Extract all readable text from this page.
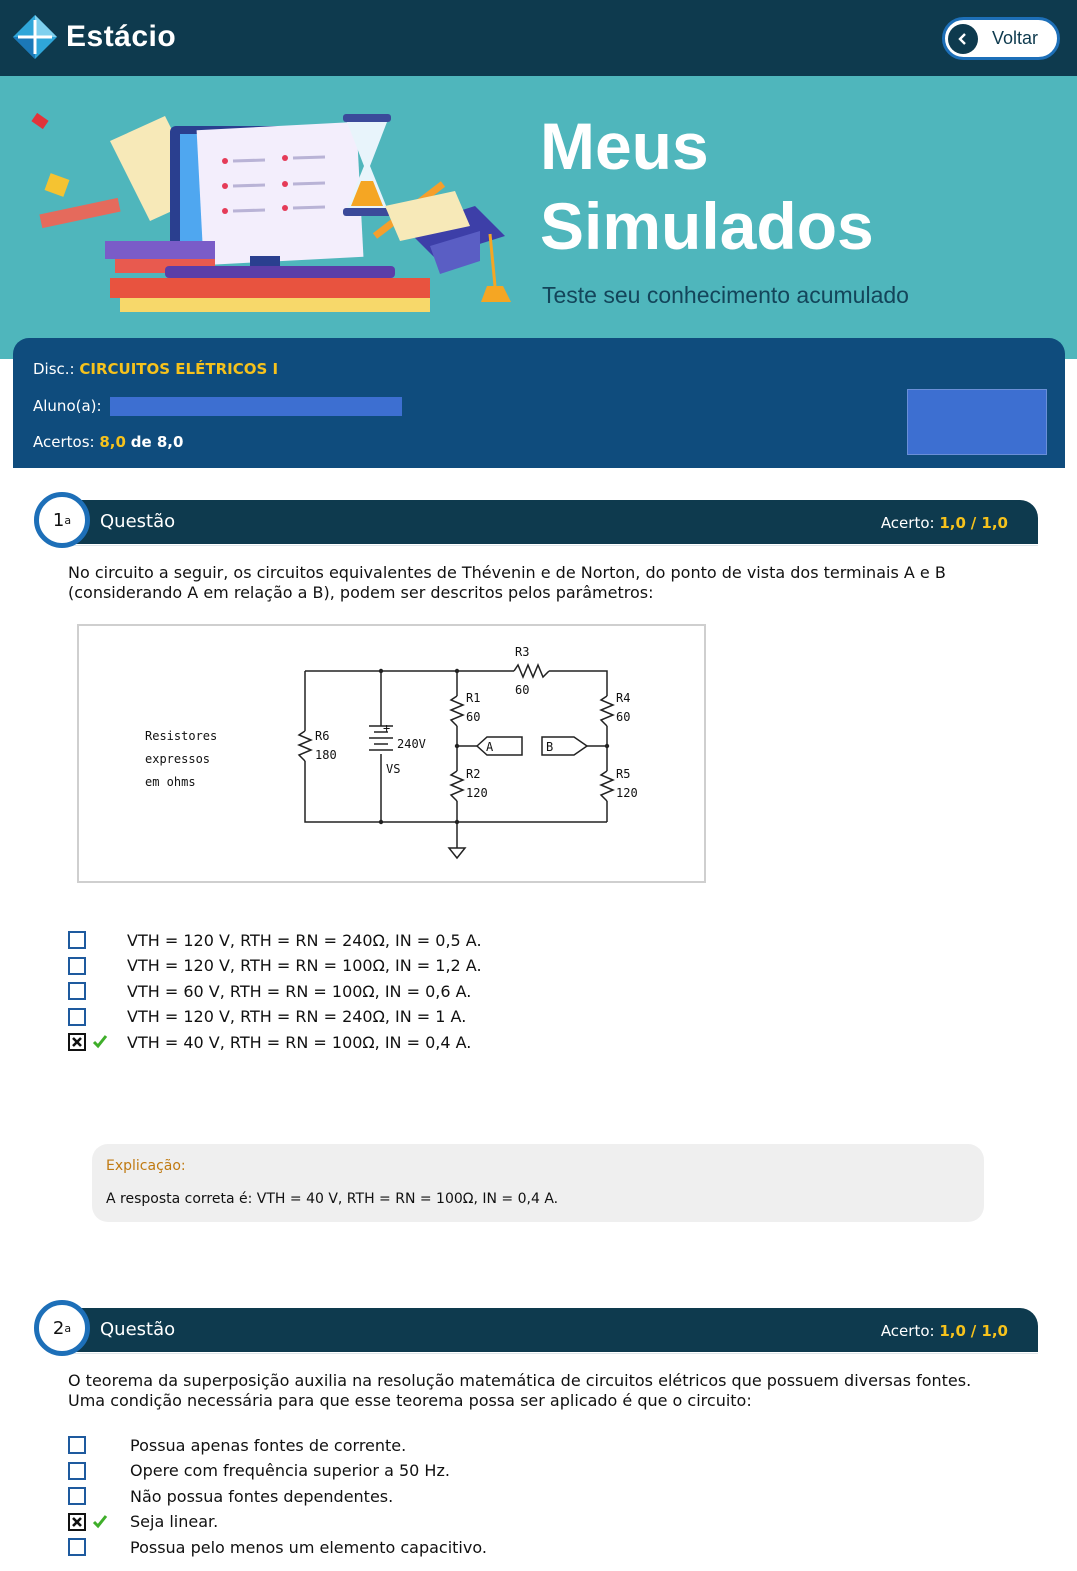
Estácio	Voltar
Meus
Simulados
Teste seu conhecimento acumulado
Disc.: CIRCUITOS ELÉTRICOS I
Aluno(a):
Acertos: 8,0 de 8,0
1 a Questão	Acerto: 1,0 / 1,0
No circuito a seguir, os circuitos equivalentes de Thévenin e de Norton, do ponto de vista dos terminais A e B
(considerando A em relação a B), podem ser descritos pelos parâmetros:
Resistores
expressos
em ohms
R3
60
R1
60
R4
60
R6
180
+
240V
VS	R2
120
R5
120
A	B
Explicação:
A resposta correta é: VTH = 40 V, RTH = RN = 100Ω, IN = 0,4 A.
2 a Questão	Acerto: 1,0 / 1,0
O teorema da superposição auxilia na resolução matemática de circuitos elétricos que possuem diversas fontes.
Uma condição necessária para que esse teorema possa ser aplicado é que o circuito:
VTH = 120 V, RTH = RN = 240Ω, IN = 0,5 A.
VTH = 120 V, RTH = RN = 100Ω, IN = 1,2 A.
VTH = 60 V, RTH = RN = 100Ω, IN = 0,6 A.
VTH = 120 V, RTH = RN = 240Ω, IN = 1 A.
VTH = 40 V, RTH = RN = 100Ω, IN = 0,4 A.
Possua apenas fontes de corrente.
Opere com frequência superior a 50 Hz.
Não possua fontes dependentes.
Seja linear.
Possua pelo menos um elemento capacitivo.
